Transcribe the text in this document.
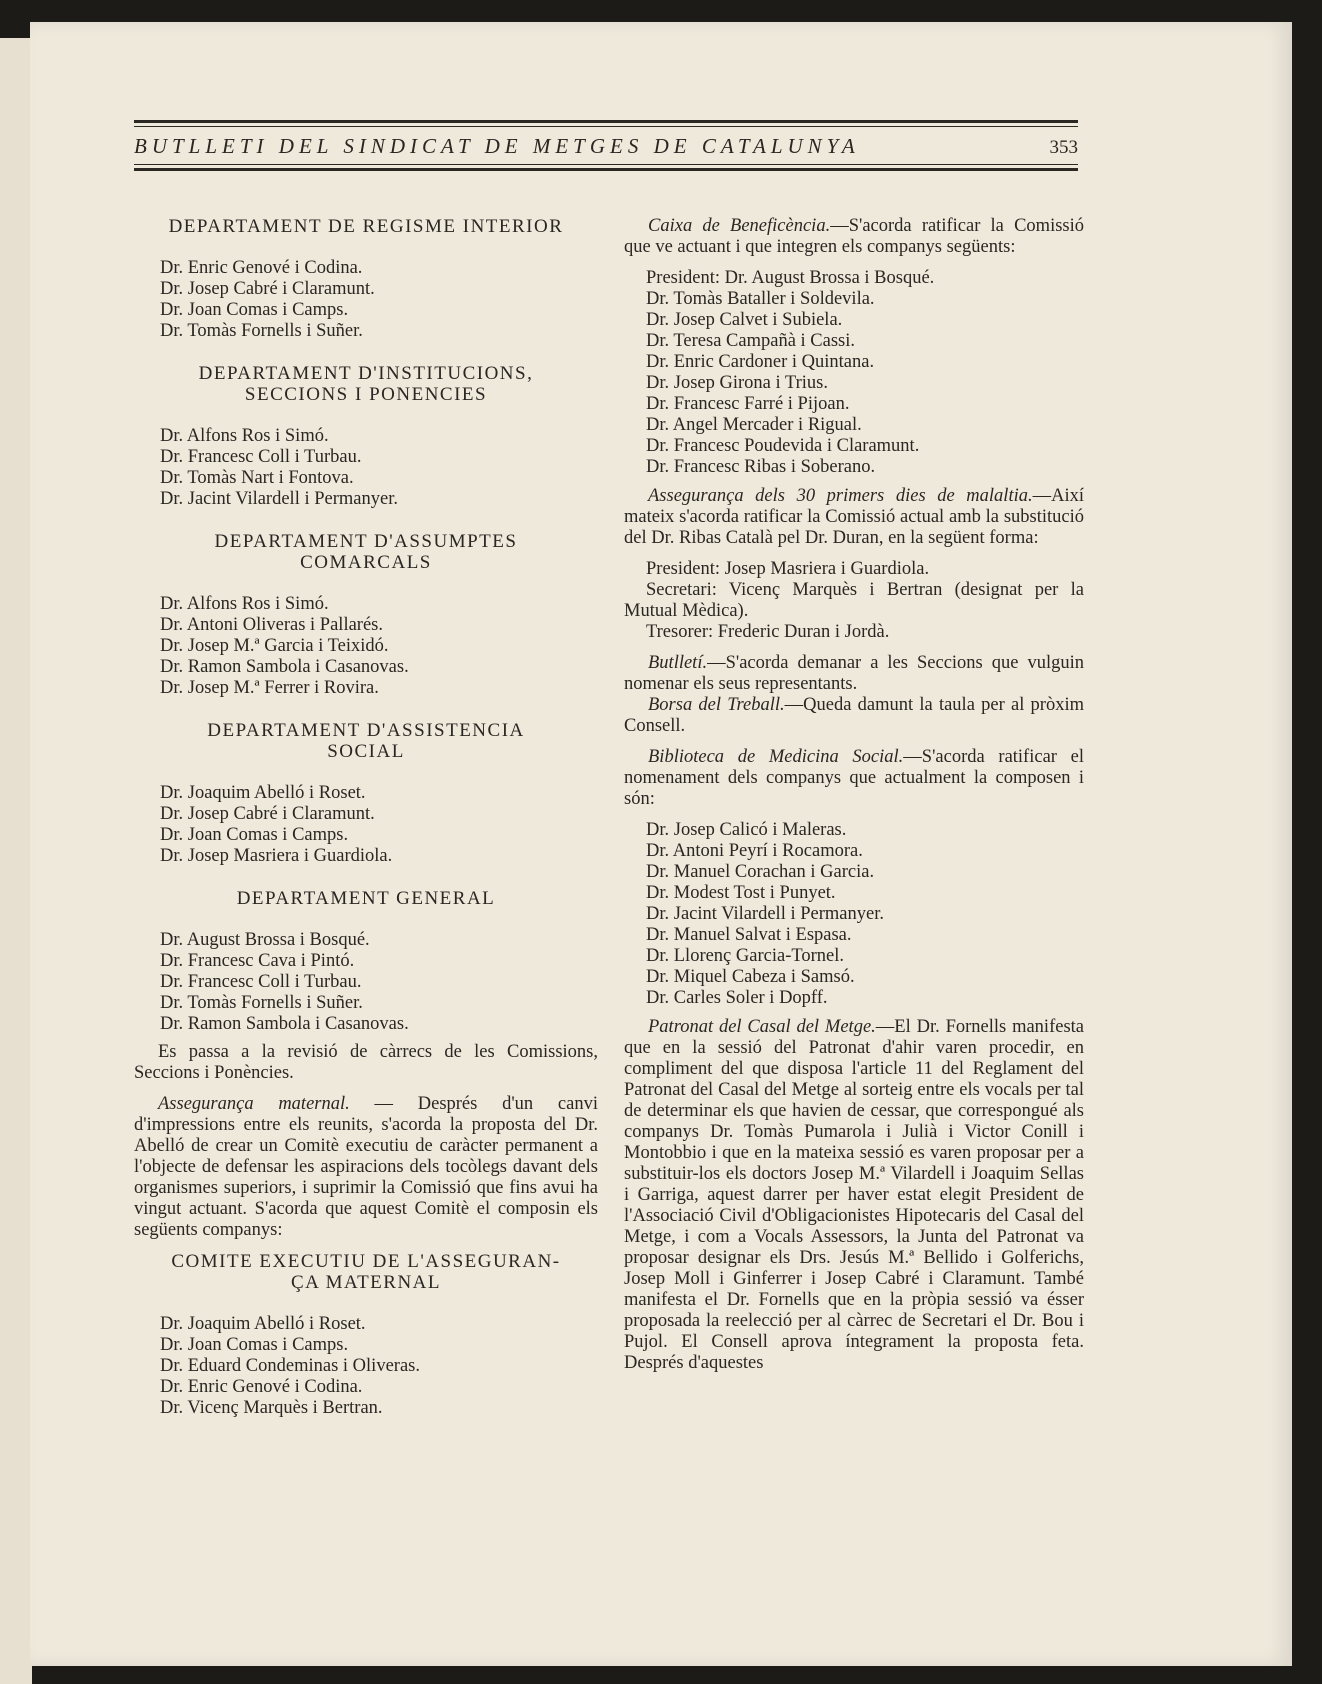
BUTLLETI DEL SINDICAT DE METGES DE CATALUNYA	353
DEPARTAMENT DE REGISME INTERIOR
Dr. Enric Genové i Codina.
Dr. Josep Cabré i Claramunt.
Dr. Joan Comas i Camps.
Dr. Tomàs Fornells i Suñer.
DEPARTAMENT D'INSTITUCIONS,
SECCIONS I PONENCIES
Dr. Alfons Ros i Simó.
Dr. Francesc Coll i Turbau.
Dr. Tomàs Nart i Fontova.
Dr. Jacint Vilardell i Permanyer.
DEPARTAMENT D'ASSUMPTES
COMARCALS
Dr. Alfons Ros i Simó.
Dr. Antoni Oliveras i Pallarés.
Dr. Josep M.ª Garcia i Teixidó.
Dr. Ramon Sambola i Casanovas.
Dr. Josep M.ª Ferrer i Rovira.
DEPARTAMENT D'ASSISTENCIA
SOCIAL
Dr. Joaquim Abelló i Roset.
Dr. Josep Cabré i Claramunt.
Dr. Joan Comas i Camps.
Dr. Josep Masriera i Guardiola.
DEPARTAMENT GENERAL
Dr. August Brossa i Bosqué.
Dr. Francesc Cava i Pintó.
Dr. Francesc Coll i Turbau.
Dr. Tomàs Fornells i Suñer.
Dr. Ramon Sambola i Casanovas.

Es passa a la revisió de càrrecs de les Comissions, Seccions i Ponències.

Assegurança maternal. — Després d'un canvi d'impressions entre els reunits, s'acorda la proposta del Dr. Abelló de crear un Comitè executiu de caràcter permanent a l'objecte de defensar les aspiracions dels tocòlegs davant dels organismes superiors, i suprimir la Comissió que fins avui ha vingut actuant. S'acorda que aquest Comitè el composin els següents companys:

COMITE EXECUTIU DE L'ASSEGURAN-
ÇA MATERNAL
Dr. Joaquim Abelló i Roset.
Dr. Joan Comas i Camps.
Dr. Eduard Condeminas i Oliveras.
Dr. Enric Genové i Codina.
Dr. Vicenç Marquès i Bertran.

Caixa de Beneficència.—S'acorda ratificar la Comissió que ve actuant i que integren els companys següents:

President: Dr. August Brossa i Bosqué.
Dr. Tomàs Bataller i Soldevila.
Dr. Josep Calvet i Subiela.
Dr. Teresa Campañà i Cassi.
Dr. Enric Cardoner i Quintana.
Dr. Josep Girona i Trius.
Dr. Francesc Farré i Pijoan.
Dr. Angel Mercader i Rigual.
Dr. Francesc Poudevida i Claramunt.
Dr. Francesc Ribas i Soberano.

Assegurança dels 30 primers dies de malaltia.—Així mateix s'acorda ratificar la Comissió actual amb la substitució del Dr. Ribas Català pel Dr. Duran, en la següent forma:

President: Josep Masriera i Guardiola.
Secretari: Vicenç Marquès i Bertran (designat per la Mutual Mèdica).
Tresorer: Frederic Duran i Jordà.

Butlletí.—S'acorda demanar a les Seccions que vulguin nomenar els seus representants.

Borsa del Treball.—Queda damunt la taula per al pròxim Consell.

Biblioteca de Medicina Social.—S'acorda ratificar el nomenament dels companys que actualment la composen i són:

Dr. Josep Calicó i Maleras.
Dr. Antoni Peyrí i Rocamora.
Dr. Manuel Corachan i Garcia.
Dr. Modest Tost i Punyet.
Dr. Jacint Vilardell i Permanyer.
Dr. Manuel Salvat i Espasa.
Dr. Llorenç Garcia-Tornel.
Dr. Miquel Cabeza i Samsó.
Dr. Carles Soler i Dopff.

Patronat del Casal del Metge.—El Dr. Fornells manifesta que en la sessió del Patronat d'ahir varen procedir, en compliment del que disposa l'article 11 del Reglament del Patronat del Casal del Metge al sorteig entre els vocals per tal de determinar els que havien de cessar, que correspongué als companys Dr. Tomàs Pumarola i Julià i Victor Conill i Montobbio i que en la mateixa sessió es varen proposar per a substituir-los els doctors Josep M.ª Vilardell i Joaquim Sellas i Garriga, aquest darrer per haver estat elegit President de l'Associació Civil d'Obligacionistes Hipotecaris del Casal del Metge, i com a Vocals Assessors, la Junta del Patronat va proposar designar els Drs. Jesús M.ª Bellido i Golferichs, Josep Moll i Ginferrer i Josep Cabré i Claramunt. També manifesta el Dr. Fornells que en la pròpia sessió va ésser proposada la reelecció per al càrrec de Secretari el Dr. Bou i Pujol. El Consell aprova íntegrament la proposta feta. Després d'aquestes
